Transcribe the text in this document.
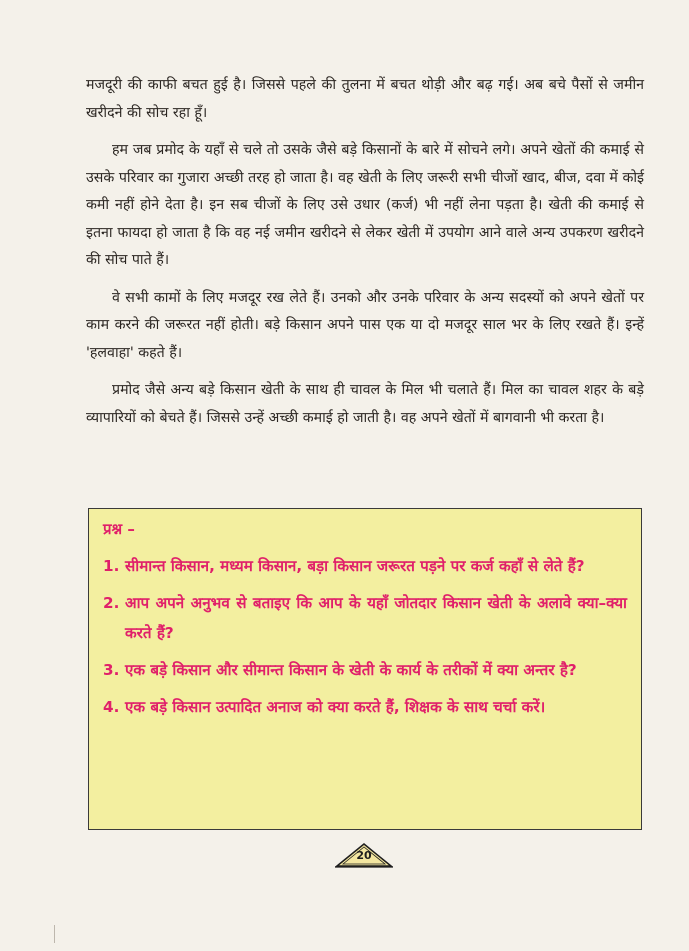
मजदूरी की काफी बचत हुई है। जिससे पहले की तुलना में बचत थोड़ी और बढ़ गई। अब बचे पैसों से जमीन खरीदने की सोच रहा हूँ।

हम जब प्रमोद के यहाँ से चले तो उसके जैसे बड़े किसानों के बारे में सोचने लगे। अपने खेतों की कमाई से उसके परिवार का गुजारा अच्छी तरह हो जाता है। वह खेती के लिए जरूरी सभी चीजों खाद, बीज, दवा में कोई कमी नहीं होने देता है। इन सब चीजों के लिए उसे उधार (कर्ज) भी नहीं लेना पड़ता है। खेती की कमाई से इतना फायदा हो जाता है कि वह नई जमीन खरीदने से लेकर खेती में उपयोग आने वाले अन्य उपकरण खरीदने की सोच पाते हैं।

वे सभी कामों के लिए मजदूर रख लेते हैं। उनको और उनके परिवार के अन्य सदस्यों को अपने खेतों पर काम करने की जरूरत नहीं होती। बड़े किसान अपने पास एक या दो मजदूर साल भर के लिए रखते हैं। इन्हें 'हलवाहा' कहते हैं।

प्रमोद जैसे अन्य बड़े किसान खेती के साथ ही चावल के मिल भी चलाते हैं। मिल का चावल शहर के बड़े व्यापारियों को बेचते हैं। जिससे उन्हें अच्छी कमाई हो जाती है। वह अपने खेतों में बागवानी भी करता है।

प्रश्न –
1. सीमान्त किसान, मध्यम किसान, बड़ा किसान जरूरत पड़ने पर कर्ज कहाँ से लेते हैं?
2. आप अपने अनुभव से बताइए कि आप के यहाँ जोतदार किसान खेती के अलावे क्या–क्या करते हैं?
3. एक बड़े किसान और सीमान्त किसान के खेती के कार्य के तरीकों में क्या अन्तर है?
4. एक बड़े किसान उत्पादित अनाज को क्या करते हैं, शिक्षक के साथ चर्चा करें।
20
